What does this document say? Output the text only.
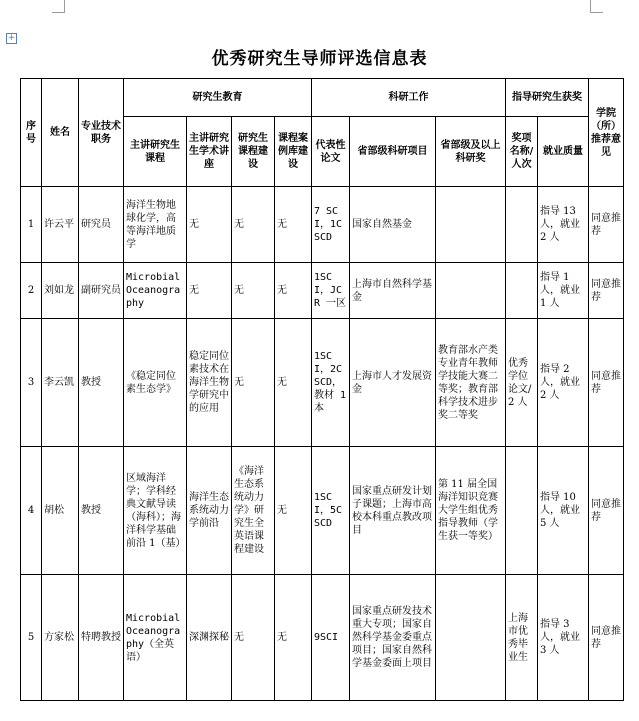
+
优秀研究生导师评选信息表
序号	姓名	专业技术职务	研究生教育				科研工作			指导研究生获奖		学院（所）推荐意见
			主讲研究生课程	主讲研究生学术讲座	研究生课程建设	课程案例库建设	代表性论文	省部级科研项目	省部级及以上科研奖	奖项名称/人次	就业质量	
1	许云平	研究员	海洋生物地球化学，高等海洋地质学	无	无	无	7 SCI，1CSCD	国家自然基金			指导 13 人，就业 2 人	同意推荐
2	刘如龙	副研究员	Microbial Oceanography	无	无	无	1SCI，JCR 一区	上海市自然科学基金			指导 1 人，就业 1 人	同意推荐
3	李云凯	教授	《稳定同位素生态学》	稳定同位素技术在海洋生物学研究中的应用	无	无	1SCI，2CSCD，教材 1 本	上海市人才发展资金	教育部水产类专业青年教师学技能大赛二等奖；教育部科学技术进步奖二等奖	优秀学位论文/2 人	指导 2 人，就业 2 人	同意推荐
4	胡松	教授	区域海洋学；学科经典文献导读（海科）；海洋科学基础前沿 1（基）	海洋生态系统动力学前沿	《海洋生态系统动力学》研究生全英语课程建设	无	1SCI，5CSCD	国家重点研发计划子课题；上海市高校本科重点教改项目	第 11 届全国海洋知识竞赛大学生组优秀指导教师（学生获一等奖）		指导 10 人，就业 5 人	同意推荐
5	方家松	特聘教授	Microbial Oceanography（全英语）	深渊探秘	无	无	9SCI	国家重点研发技术重大专项；国家自然科学基金委重点项目；国家自然科学基金委面上项目		上海市优秀毕业生	指导 3 人，就业 3 人	同意推荐
